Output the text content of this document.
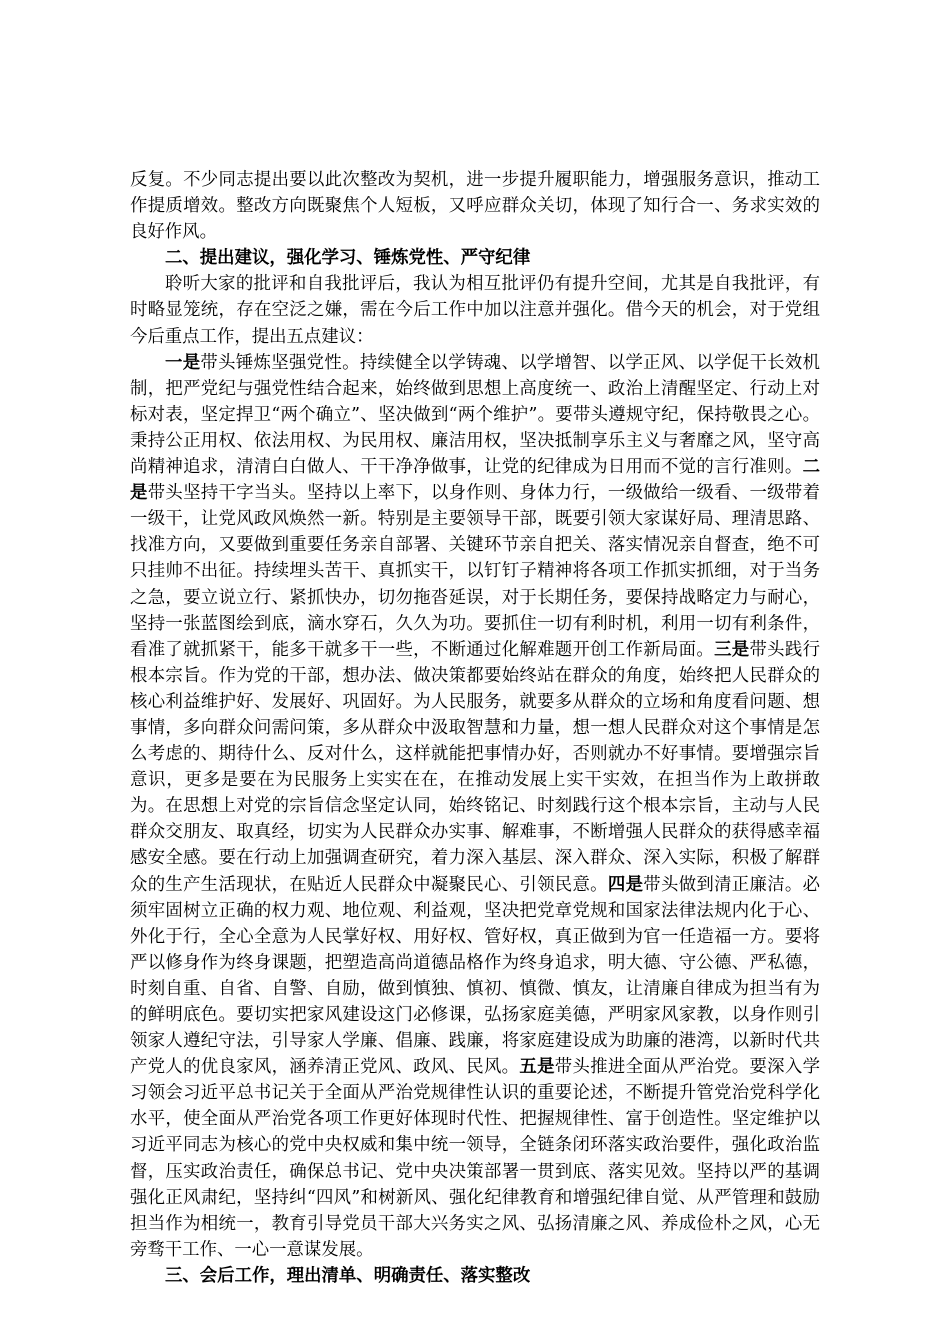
反复。不少同志提出要以此次整改为契机，进一步提升履职能力，增强服务意识，推动工作提质增效。整改方向既聚焦个人短板，又呼应群众关切，体现了知行合一、务求实效的良好作风。

二、提出建议，强化学习、锤炼党性、严守纪律

聆听大家的批评和自我批评后，我认为相互批评仍有提升空间，尤其是自我批评，有时略显笼统，存在空泛之嫌，需在今后工作中加以注意并强化。借今天的机会，对于党组今后重点工作，提出五点建议：

一是带头锤炼坚强党性。持续健全以学铸魂、以学增智、以学正风、以学促干长效机制，把严党纪与强党性结合起来，始终做到思想上高度统一、政治上清醒坚定、行动上对标对表，坚定捍卫“两个确立”、坚决做到“两个维护”。要带头遵规守纪，保持敬畏之心。秉持公正用权、依法用权、为民用权、廉洁用权，坚决抵制享乐主义与奢靡之风，坚守高尚精神追求，清清白白做人、干干净净做事，让党的纪律成为日用而不觉的言行准则。二是带头坚持干字当头。坚持以上率下，以身作则、身体力行，一级做给一级看、一级带着一级干，让党风政风焕然一新。特别是主要领导干部，既要引领大家谋好局、理清思路、找准方向，又要做到重要任务亲自部署、关键环节亲自把关、落实情况亲自督查，绝不可只挂帅不出征。持续埋头苦干、真抓实干，以钉钉子精神将各项工作抓实抓细，对于当务之急，要立说立行、紧抓快办，切勿拖沓延误，对于长期任务，要保持战略定力与耐心，坚持一张蓝图绘到底，滴水穿石，久久为功。要抓住一切有利时机，利用一切有利条件，看准了就抓紧干，能多干就多干一些，不断通过化解难题开创工作新局面。三是带头践行根本宗旨。作为党的干部，想办法、做决策都要始终站在群众的角度，始终把人民群众的核心利益维护好、发展好、巩固好。为人民服务，就要多从群众的立场和角度看问题、想事情，多向群众问需问策，多从群众中汲取智慧和力量，想一想人民群众对这个事情是怎么考虑的、期待什么、反对什么，这样就能把事情办好，否则就办不好事情。要增强宗旨意识，更多是要在为民服务上实实在在，在推动发展上实干实效，在担当作为上敢拼敢为。在思想上对党的宗旨信念坚定认同，始终铭记、时刻践行这个根本宗旨，主动与人民群众交朋友、取真经，切实为人民群众办实事、解难事，不断增强人民群众的获得感幸福感安全感。要在行动上加强调查研究，着力深入基层、深入群众、深入实际，积极了解群众的生产生活现状，在贴近人民群众中凝聚民心、引领民意。四是带头做到清正廉洁。必须牢固树立正确的权力观、地位观、利益观，坚决把党章党规和国家法律法规内化于心、外化于行，全心全意为人民掌好权、用好权、管好权，真正做到为官一任造福一方。要将严以修身作为终身课题，把塑造高尚道德品格作为终身追求，明大德、守公德、严私德，时刻自重、自省、自警、自励，做到慎独、慎初、慎微、慎友，让清廉自律成为担当有为的鲜明底色。要切实把家风建设这门必修课，弘扬家庭美德，严明家风家教，以身作则引领家人遵纪守法，引导家人学廉、倡廉、践廉，将家庭建设成为助廉的港湾，以新时代共产党人的优良家风，涵养清正党风、政风、民风。五是带头推进全面从严治党。要深入学习领会习近平总书记关于全面从严治党规律性认识的重要论述，不断提升管党治党科学化水平，使全面从严治党各项工作更好体现时代性、把握规律性、富于创造性。坚定维护以习近平同志为核心的党中央权威和集中统一领导，全链条闭环落实政治要件，强化政治监督，压实政治责任，确保总书记、党中央决策部署一贯到底、落实见效。坚持以严的基调强化正风肃纪，坚持纠“四风”和树新风、强化纪律教育和增强纪律自觉、从严管理和鼓励担当作为相统一，教育引导党员干部大兴务实之风、弘扬清廉之风、养成俭朴之风，心无旁骛干工作、一心一意谋发展。

三、会后工作，理出清单、明确责任、落实整改
